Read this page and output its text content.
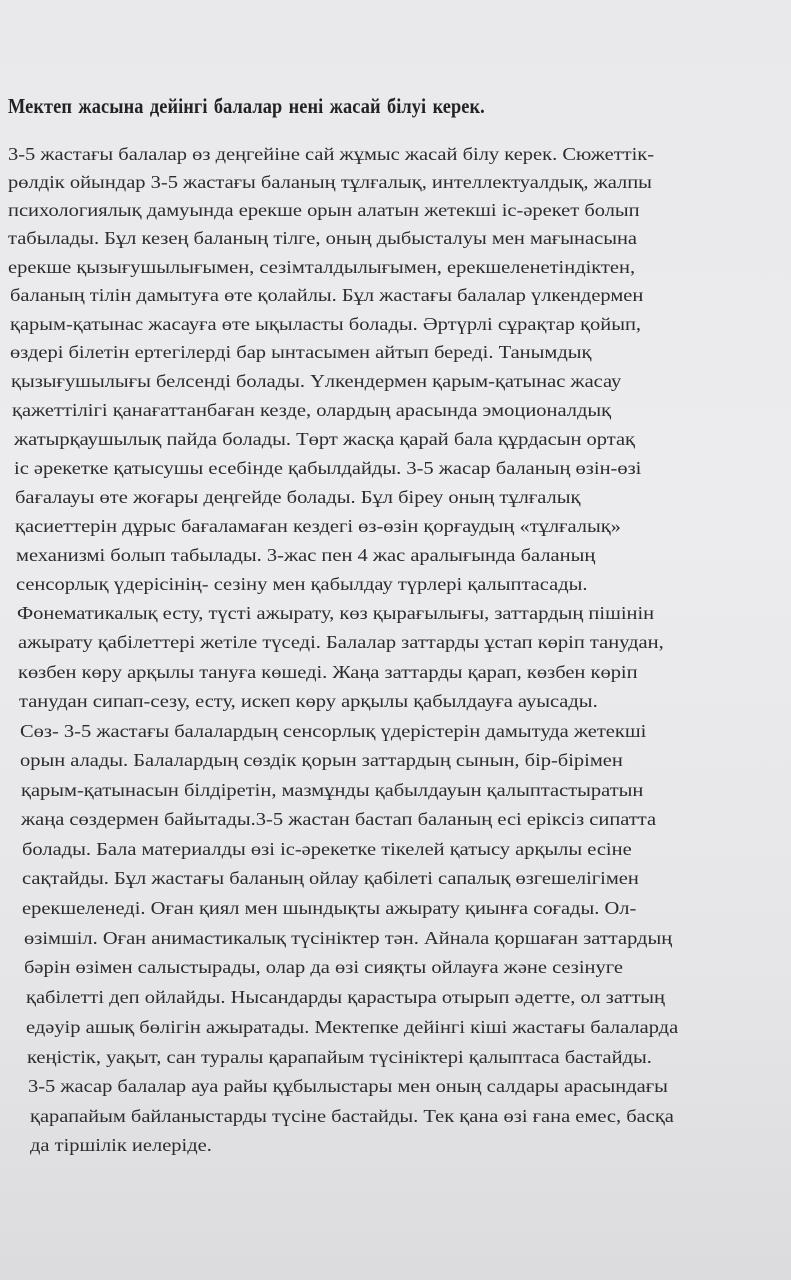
Мектеп жасына дейінгі балалар нені жасай білуі керек.
3-5 жастағы балалар өз деңгейіне сай жұмыс жасай білу керек. Сюжеттік-
рөлдік ойындар 3-5 жастағы баланың тұлғалық, интеллектуалдық, жалпы
психологиялық дамуында ерекше орын алатын жетекші іс-әрекет болып
табылады. Бұл кезең баланың тілге, оның дыбысталуы мен мағынасына
ерекше қызығушылығымен, сезімталдылығымен, ерекшеленетіндіктен,
баланың тілін дамытуға өте қолайлы. Бұл жастағы балалар үлкендермен
қарым-қатынас жасауға өте ықыласты болады. Әртүрлі сұрақтар қойып,
өздері білетін ертегілерді бар ынтасымен айтып береді. Танымдық
қызығушылығы белсенді болады. Үлкендермен қарым-қатынас жасау
қажеттілігі қанағаттанбаған кезде, олардың арасында эмоционалдық
жатырқаушылық пайда болады. Төрт жасқа қарай бала құрдасын ортақ
іс әрекетке қатысушы есебінде қабылдайды. 3-5 жасар баланың өзін-өзі
бағалауы өте жоғары деңгейде болады. Бұл біреу оның тұлғалық
қасиеттерін дұрыс бағаламаған кездегі өз-өзін қорғаудың «тұлғалық»
механизмі болып табылады. 3-жас пен 4 жас аралығында баланың
сенсорлық үдерісінің- сезіну мен қабылдау түрлері қалыптасады.
Фонематикалық есту, түсті ажырату, көз қырағылығы, заттардың пішінін
ажырату қабілеттері жетіле түседі. Балалар заттарды ұстап көріп танудан,
көзбен көру арқылы тануға көшеді. Жаңа заттарды қарап, көзбен көріп
танудан сипап-сезу, есту, искеп көру арқылы қабылдауға ауысады.
Сөз- 3-5 жастағы балалардың сенсорлық үдерістерін дамытуда жетекші
орын алады. Балалардың сөздік қорын заттардың сынын, бір-бірімен
қарым-қатынасын білдіретін, мазмұнды қабылдауын қалыптастыратын
жаңа сөздермен байытады.3-5 жастан бастап баланың есі еріксіз сипатта
болады. Бала материалды өзі іс-әрекетке тікелей қатысу арқылы есіне
сақтайды. Бұл жастағы баланың ойлау қабілеті сапалық өзгешелігімен
ерекшеленеді. Оған қиял мен шындықты ажырату қиынға соғады. Ол-
өзімшіл. Оған анимастикалық түсініктер тән. Айнала қоршаған заттардың
бәрін өзімен салыстырады, олар да өзі сияқты ойлауға және сезінуге
қабілетті деп ойлайды. Нысандарды қарастыра отырып әдетте, ол заттың
едәуір ашық бөлігін ажыратады. Мектепке дейінгі кіші жастағы балаларда
кеңістік, уақыт, сан туралы қарапайым түсініктері қалыптаса бастайды.
3-5 жасар балалар ауа райы құбылыстары мен оның салдары арасындағы
қарапайым байланыстарды түсіне бастайды. Тек қана өзі ғана емес, басқа
да тіршілік иелеріде.
